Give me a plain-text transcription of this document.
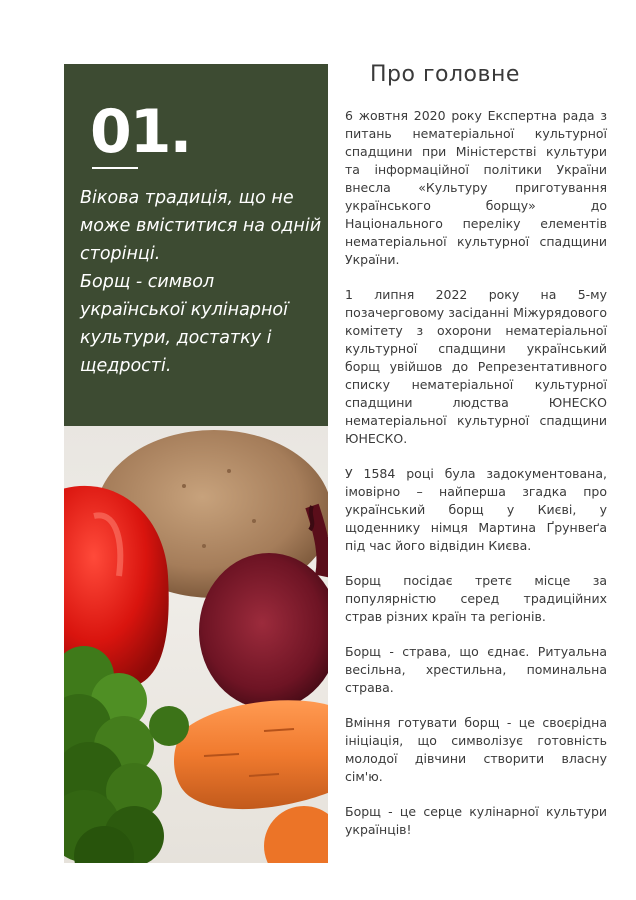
01.
Вікова традиція, що не може вміститися на одній сторінці.
Борщ - символ української кулінарної культури, достатку і щедрості.
Про головне

6 жовтня 2020 року Експертна рада з питань нематеріальної культурної спадщини при Міністерстві культури та інформаційної політики України внесла «Культуру приготування українського борщу» до Національного переліку елементів нематеріальної культурної спадщини України.

1 липня 2022 року на 5-му позачерговому засіданні Міжурядового комітету з охорони нематеріальної культурної спадщини український борщ увійшов до Репрезентативного списку нематеріальної культурної спадщини людства ЮНЕСКО нематеріальної культурної спадщини ЮНЕСКО.

У 1584 році була задокументована, імовірно – найперша згадка про український борщ у Києві, у щоденнику німця Мартина Ґрунвеґа під час його відвідин Києва.

Борщ посідає третє місце за популярністю серед традиційних страв різних країн та регіонів.

Борщ - страва, що єднає. Ритуальна весільна, хрестильна, поминальна страва.

Вміння готувати борщ - це своєрідна ініціація, що символізує готовність молодої дівчини створити власну сім'ю.

Борщ - це серце кулінарної культури українців!
